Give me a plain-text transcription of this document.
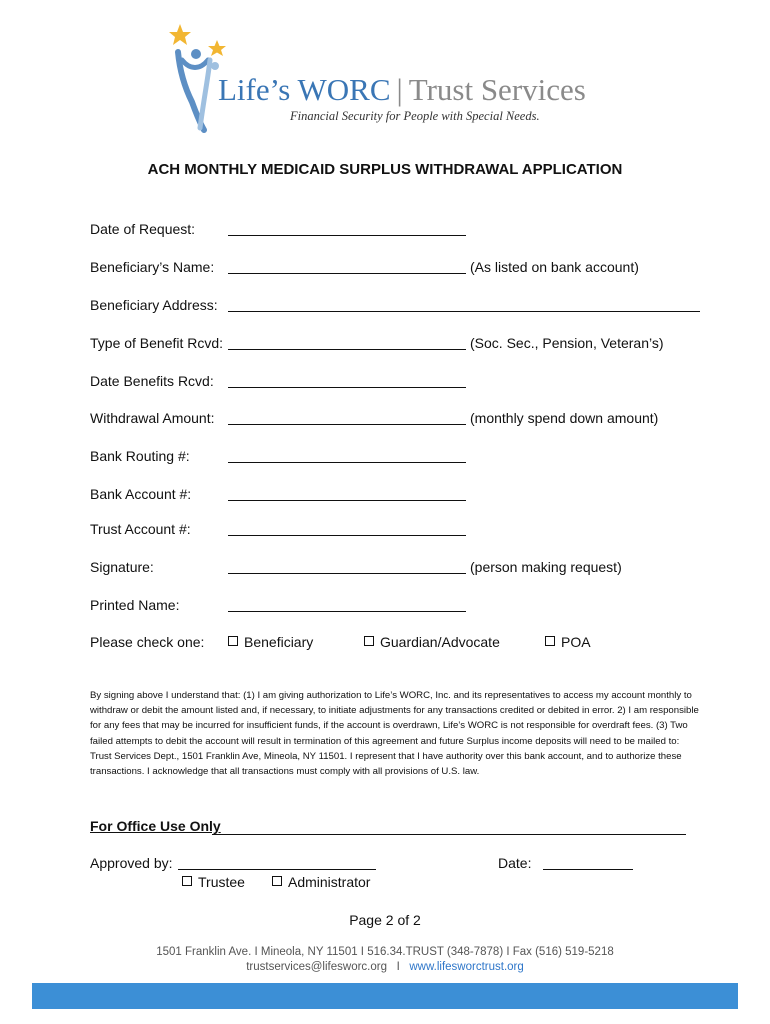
Life’s WORC | Trust Services
Financial Security for People with Special Needs.
ACH MONTHLY MEDICAID SURPLUS WITHDRAWAL APPLICATION
Date of Request:
Beneficiary’s Name:	(As listed on bank account)
Beneficiary Address:
Type of Benefit Rcvd:	(Soc. Sec., Pension, Veteran’s)
Date Benefits Rcvd:
Withdrawal Amount:	(monthly spend down amount)
Bank Routing #:
Bank Account #:
Trust Account #:
Signature:	(person making request)
Printed Name:
Please check one:	Beneficiary	Guardian/Advocate	POA
By signing above I understand that: (1) I am giving authorization to Life’s WORC, Inc. and its representatives to access my account monthly to withdraw or debit the amount listed and, if necessary, to initiate adjustments for any transactions credited or debited in error. 2) I am responsible for any fees that may be incurred for insufficient funds, if the account is overdrawn, Life’s WORC is not responsible for overdraft fees. (3) Two failed attempts to debit the account will result in termination of this agreement and future Surplus income deposits will need to be mailed to: Trust Services Dept., 1501 Franklin Ave, Mineola, NY 11501. I represent that I have authority over this bank account, and to authorize these transactions. I acknowledge that all transactions must comply with all provisions of U.S. law.
For Office Use Only
Approved by:	Date:
Trustee	Administrator
Page 2 of 2
1501 Franklin Ave. I Mineola, NY 11501 I 516.34.TRUST (348-7878) I Fax (516) 519-5218
trustservices@lifesworc.org I www.lifesworctrust.org
